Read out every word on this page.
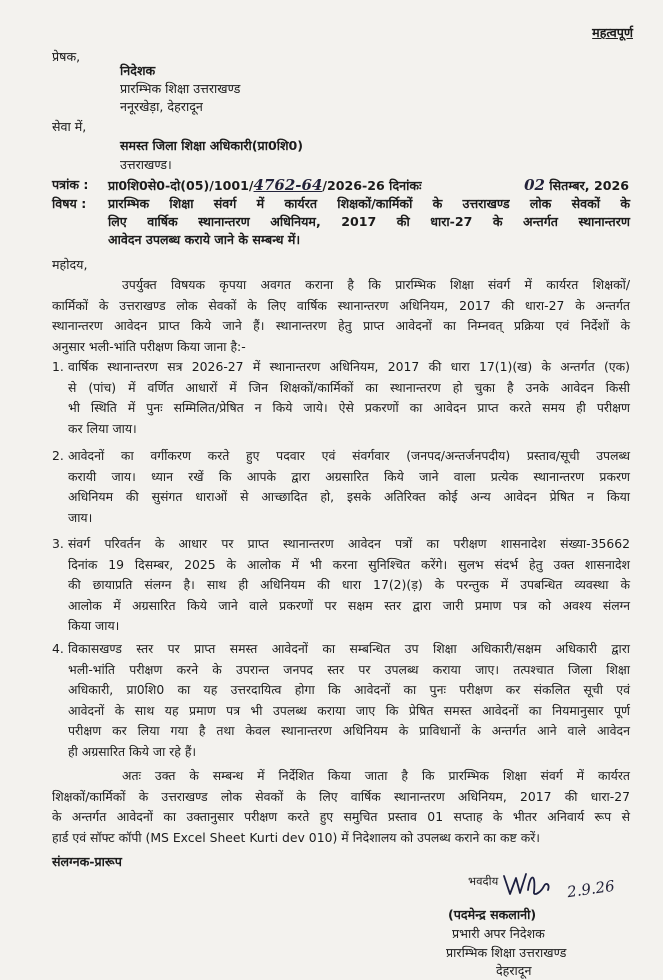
महत्वपूर्ण
प्रेषक,
निदेशक
प्रारम्भिक शिक्षा उत्तराखण्ड
ननूरखेड़ा, देहरादून
सेवा में,
समस्त जिला शिक्षा अधिकारी(प्रा0शि0)
उत्तराखण्ड।
पत्रांक : प्रा0शि0से0-दो(05)/1001/4762-64/2026-26 दिनांकः	02 सितम्बर, 2026
विषय : प्रारम्भिक शिक्षा संवर्ग में कार्यरत शिक्षकों/कार्मिकों के उत्तराखण्ड लोक सेवकों के
लिए वार्षिक स्थानान्तरण अधिनियम, 2017 की धारा-27 के अन्तर्गत स्थानान्तरण
आवेदन उपलब्ध कराये जाने के सम्बन्ध में।
महोदय,
उपर्युक्त विषयक कृपया अवगत कराना है कि प्रारम्भिक शिक्षा संवर्ग में कार्यरत शिक्षकों/
कार्मिकों के उत्तराखण्ड लोक सेवकों के लिए वार्षिक स्थानान्तरण अधिनियम, 2017 की धारा-27 के अन्तर्गत
स्थानान्तरण आवेदन प्राप्त किये जाने हैं। स्थानान्तरण हेतु प्राप्त आवेदनों का निम्नवत् प्रक्रिया एवं निर्देशों के
अनुसार भली-भांति परीक्षण किया जाना है:-
1. वार्षिक स्थानान्तरण सत्र 2026-27 में स्थानान्तरण अधिनियम, 2017 की धारा 17(1)(ख) के अन्तर्गत (एक)
से (पांच) में वर्णित आधारों में जिन शिक्षकों/कार्मिकों का स्थानान्तरण हो चुका है उनके आवेदन किसी
भी स्थिति में पुनः सम्मिलित/प्रेषित न किये जाये। ऐसे प्रकरणों का आवेदन प्राप्त करते समय ही परीक्षण
कर लिया जाय।
2. आवेदनों का वर्गीकरण करते हुए पदवार एवं संवर्गवार (जनपद/अन्तर्जनपदीय) प्रस्ताव/सूची उपलब्ध
करायी जाय। ध्यान रखें कि आपके द्वारा अग्रसारित किये जाने वाला प्रत्येक स्थानान्तरण प्रकरण
अधिनियम की सुसंगत धाराओं से आच्छादित हो, इसके अतिरिक्त कोई अन्य आवेदन प्रेषित न किया
जाय।
3. संवर्ग परिवर्तन के आधार पर प्राप्त स्थानान्तरण आवेदन पत्रों का परीक्षण शासनादेश संख्या-35662
दिनांक 19 दिसम्बर, 2025 के आलोक में भी करना सुनिश्चित करेंगे। सुलभ संदर्भ हेतु उक्त शासनादेश
की छायाप्रति संलग्न है। साथ ही अधिनियम की धारा 17(2)(ड़) के परन्तुक में उपबन्धित व्यवस्था के
आलोक में अग्रसारित किये जाने वाले प्रकरणों पर सक्षम स्तर द्वारा जारी प्रमाण पत्र को अवश्य संलग्न
किया जाय।
4. विकासखण्ड स्तर पर प्राप्त समस्त आवेदनों का सम्बन्धित उप शिक्षा अधिकारी/सक्षम अधिकारी द्वारा
भली-भांति परीक्षण करने के उपरान्त जनपद स्तर पर उपलब्ध कराया जाए। तत्पश्चात जिला शिक्षा
अधिकारी, प्रा0शि0 का यह उत्तरदायित्व होगा कि आवेदनों का पुनः परीक्षण कर संकलित सूची एवं
आवेदनों के साथ यह प्रमाण पत्र भी उपलब्ध कराया जाए कि प्रेषित समस्त आवेदनों का नियमानुसार पूर्ण
परीक्षण कर लिया गया है तथा केवल स्थानान्तरण अधिनियम के प्राविधानों के अन्तर्गत आने वाले आवेदन
ही अग्रसारित किये जा रहे हैं।
अतः उक्त के सम्बन्ध में निर्देशित किया जाता है कि प्रारम्भिक शिक्षा संवर्ग में कार्यरत
शिक्षकों/कार्मिकों के उत्तराखण्ड लोक सेवकों के लिए वार्षिक स्थानान्तरण अधिनियम, 2017 की धारा-27
के अन्तर्गत आवेदनों का उक्तानुसार परीक्षण करते हुए समुचित प्रस्ताव 01 सप्ताह के भीतर अनिवार्य रूप से
हार्ड एवं सॉफ्ट कॉपी (MS Excel Sheet Kurti dev 010) में निदेशालय को उपलब्ध कराने का कष्ट करें।
संलग्नक-प्रारूप
भवदीय	2.9.26
(पदमेन्द्र सकलानी)
प्रभारी अपर निदेशक
प्रारम्भिक शिक्षा उत्तराखण्ड
देहरादून
